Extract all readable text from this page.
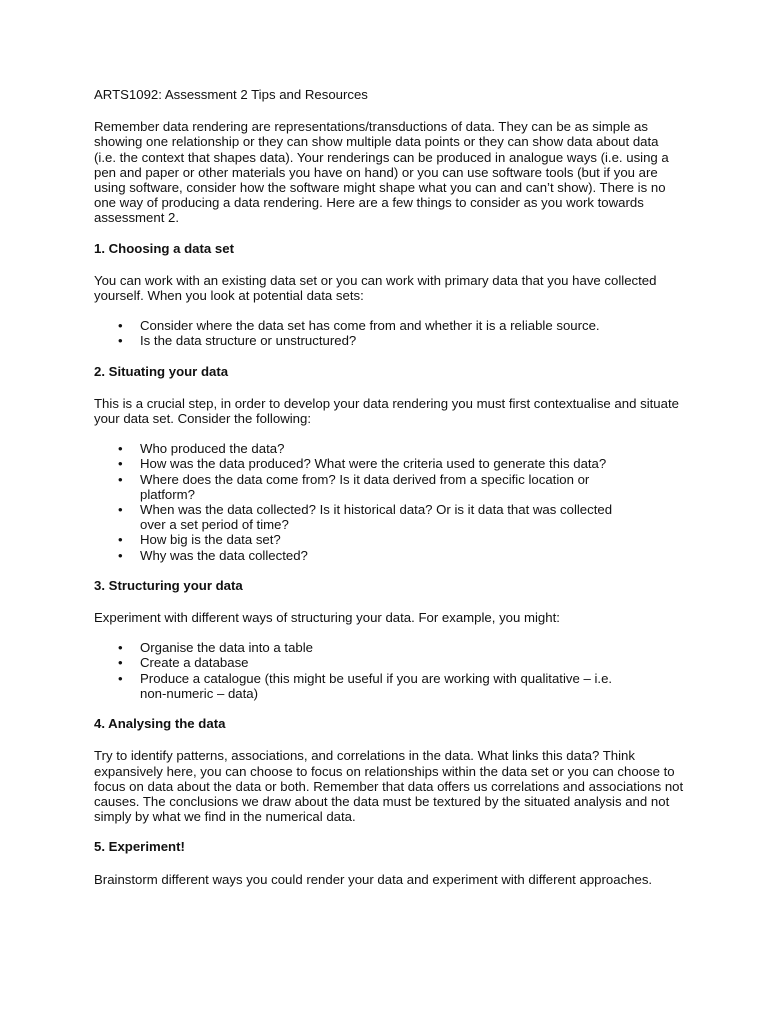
ARTS1092: Assessment 2 Tips and Resources

Remember data rendering are representations/transductions of data. They can be as simple as showing one relationship or they can show multiple data points or they can show data about data (i.e. the context that shapes data). Your renderings can be produced in analogue ways (i.e. using a pen and paper or other materials you have on hand) or you can use software tools (but if you are using software, consider how the software might shape what you can and can’t show). There is no one way of producing a data rendering. Here are a few things to consider as you work towards assessment 2.

1. Choosing a data set

You can work with an existing data set or you can work with primary data that you have collected yourself. When you look at potential data sets:

• Consider where the data set has come from and whether it is a reliable source.
• Is the data structure or unstructured?

2. Situating your data

This is a crucial step, in order to develop your data rendering you must first contextualise and situate your data set. Consider the following:

• Who produced the data?
• How was the data produced? What were the criteria used to generate this data?
• Where does the data come from? Is it data derived from a specific location or platform?
• When was the data collected? Is it historical data? Or is it data that was collected over a set period of time?
• How big is the data set?
• Why was the data collected?

3. Structuring your data

Experiment with different ways of structuring your data. For example, you might:

• Organise the data into a table
• Create a database
• Produce a catalogue (this might be useful if you are working with qualitative – i.e. non-numeric – data)

4. Analysing the data

Try to identify patterns, associations, and correlations in the data. What links this data? Think expansively here, you can choose to focus on relationships within the data set or you can choose to focus on data about the data or both. Remember that data offers us correlations and associations not causes. The conclusions we draw about the data must be textured by the situated analysis and not simply by what we find in the numerical data.

5. Experiment!

Brainstorm different ways you could render your data and experiment with different approaches.
